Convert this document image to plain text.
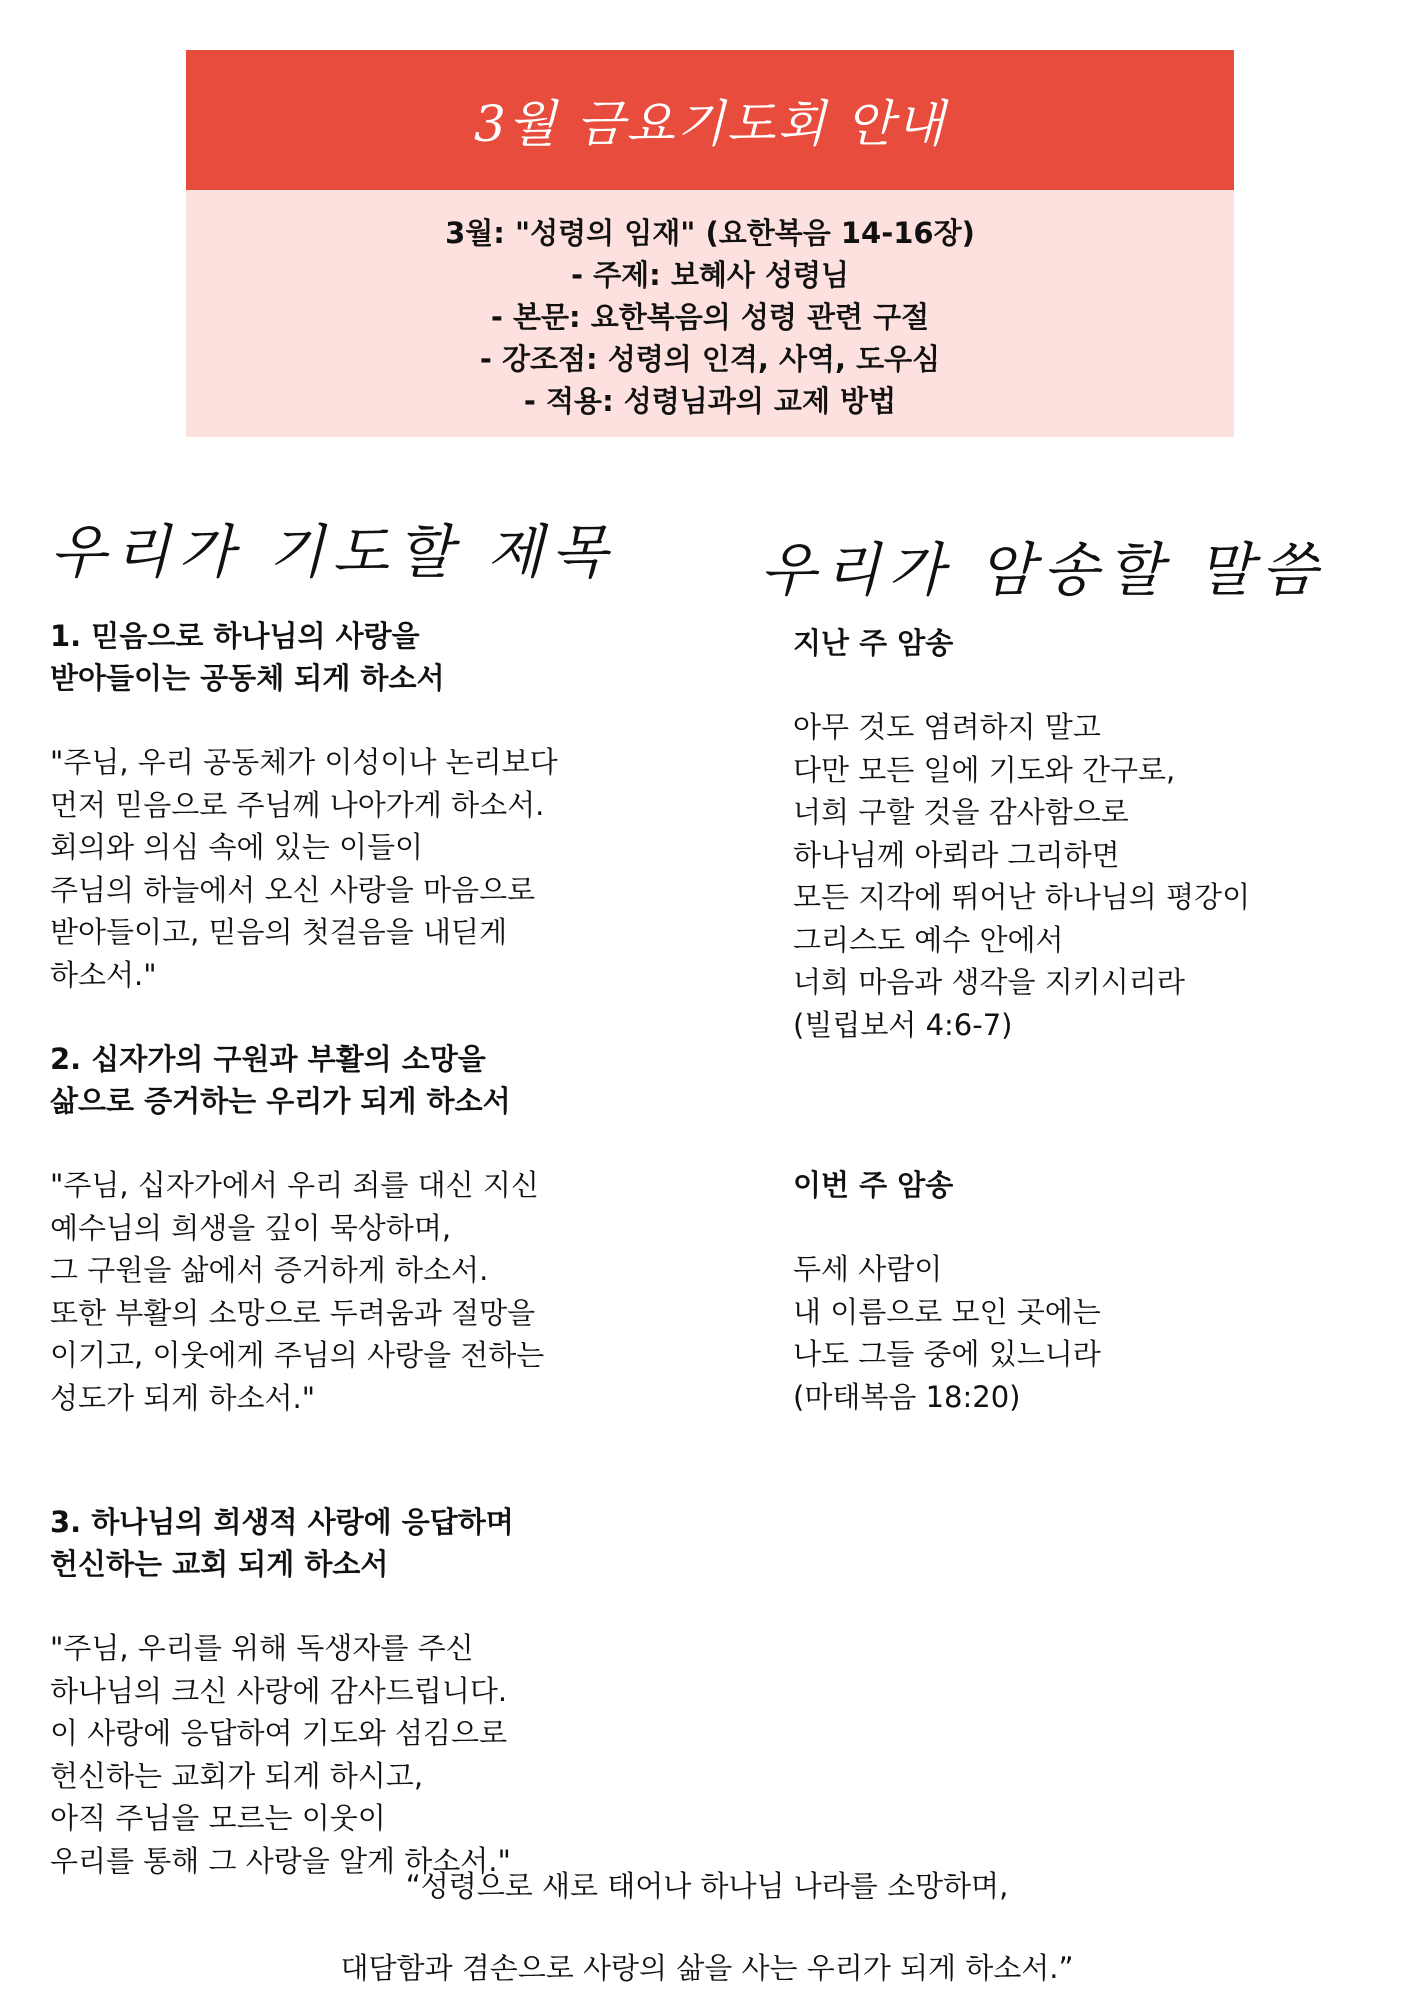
3월 금요기도회 안내
3월: "성령의 임재" (요한복음 14-16장)
- 주제: 보혜사 성령님
- 본문: 요한복음의 성령 관련 구절
- 강조점: 성령의 인격, 사역, 도우심
- 적용: 성령님과의 교제 방법
우리가 기도할 제목 우리가 암송할 말씀

1. 믿음으로 하나님의 사랑을
받아들이는 공동체 되게 하소서

"주님, 우리 공동체가 이성이나 논리보다
먼저 믿음으로 주님께 나아가게 하소서.
회의와 의심 속에 있는 이들이
주님의 하늘에서 오신 사랑을 마음으로
받아들이고, 믿음의 첫걸음을 내딛게
하소서."

2. 십자가의 구원과 부활의 소망을
삶으로 증거하는 우리가 되게 하소서

"주님, 십자가에서 우리 죄를 대신 지신
예수님의 희생을 깊이 묵상하며,
그 구원을 삶에서 증거하게 하소서.
또한 부활의 소망으로 두려움과 절망을
이기고, 이웃에게 주님의 사랑을 전하는
성도가 되게 하소서."

3. 하나님의 희생적 사랑에 응답하며
헌신하는 교회 되게 하소서

"주님, 우리를 위해 독생자를 주신
하나님의 크신 사랑에 감사드립니다.
이 사랑에 응답하여 기도와 섬김으로
헌신하는 교회가 되게 하시고,
아직 주님을 모르는 이웃이
우리를 통해 그 사랑을 알게 하소서."

지난 주 암송

아무 것도 염려하지 말고
다만 모든 일에 기도와 간구로,
너희 구할 것을 감사함으로
하나님께 아뢰라 그리하면
모든 지각에 뛰어난 하나님의 평강이
그리스도 예수 안에서
너희 마음과 생각을 지키시리라
(빌립보서 4:6-7)

이번 주 암송

두세 사람이
내 이름으로 모인 곳에는
나도 그들 중에 있느니라
(마태복음 18:20)

“성령으로 새로 태어나 하나님 나라를 소망하며,
대담함과 겸손으로 사랑의 삶을 사는 우리가 되게 하소서.”
